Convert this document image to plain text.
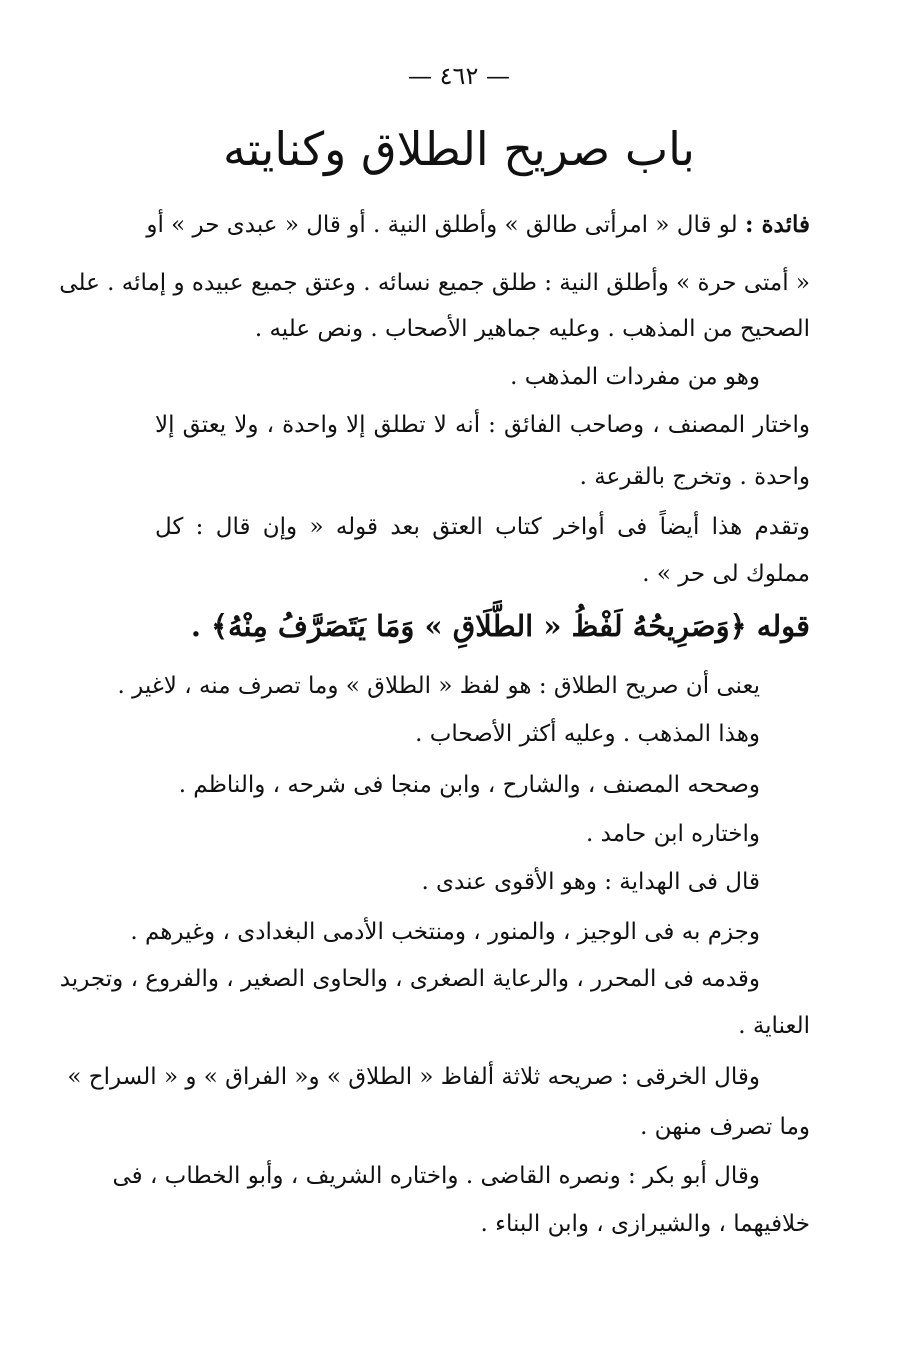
— ٤٦٢ —
باب صريح الطلاق وكنايته
فائدة : لو قال « امرأتى طالق » وأطلق النية . أو قال « عبدى حر » أو
« أمتى حرة » وأطلق النية : طلق جميع نسائه . وعتق جميع عبيده و إمائه . على
الصحيح من المذهب . وعليه جماهير الأصحاب . ونص عليه .
وهو من مفردات المذهب .
واختار المصنف ، وصاحب الفائق : أنه لا تطلق إلا واحدة ، ولا يعتق إلا
واحدة . وتخرج بالقرعة .
وتقدم هذا أيضاً فى أواخر كتاب العتق بعد قوله « وإن قال : كل
مملوك لى حر » .
قوله ﴿وَصَرِيحُهُ لَفْظُ « الطَّلَاقِ » وَمَا يَتَصَرَّفُ مِنْهُ﴾ .
يعنى أن صريح الطلاق : هو لفظ « الطلاق » وما تصرف منه ، لاغير .
وهذا المذهب . وعليه أكثر الأصحاب .
وصححه المصنف ، والشارح ، وابن منجا فى شرحه ، والناظم .
واختاره ابن حامد .
قال فى الهداية : وهو الأقوى عندى .
وجزم به فى الوجيز ، والمنور ، ومنتخب الأدمى البغدادى ، وغيرهم .
وقدمه فى المحرر ، والرعاية الصغرى ، والحاوى الصغير ، والفروع ، وتجريد
العناية .
وقال الخرقى : صريحه ثلاثة ألفاظ « الطلاق » و« الفراق » و « السراح »
وما تصرف منهن .
وقال أبو بكر : ونصره القاضى . واختاره الشريف ، وأبو الخطاب ، فى
خلافيهما ، والشيرازى ، وابن البناء .
